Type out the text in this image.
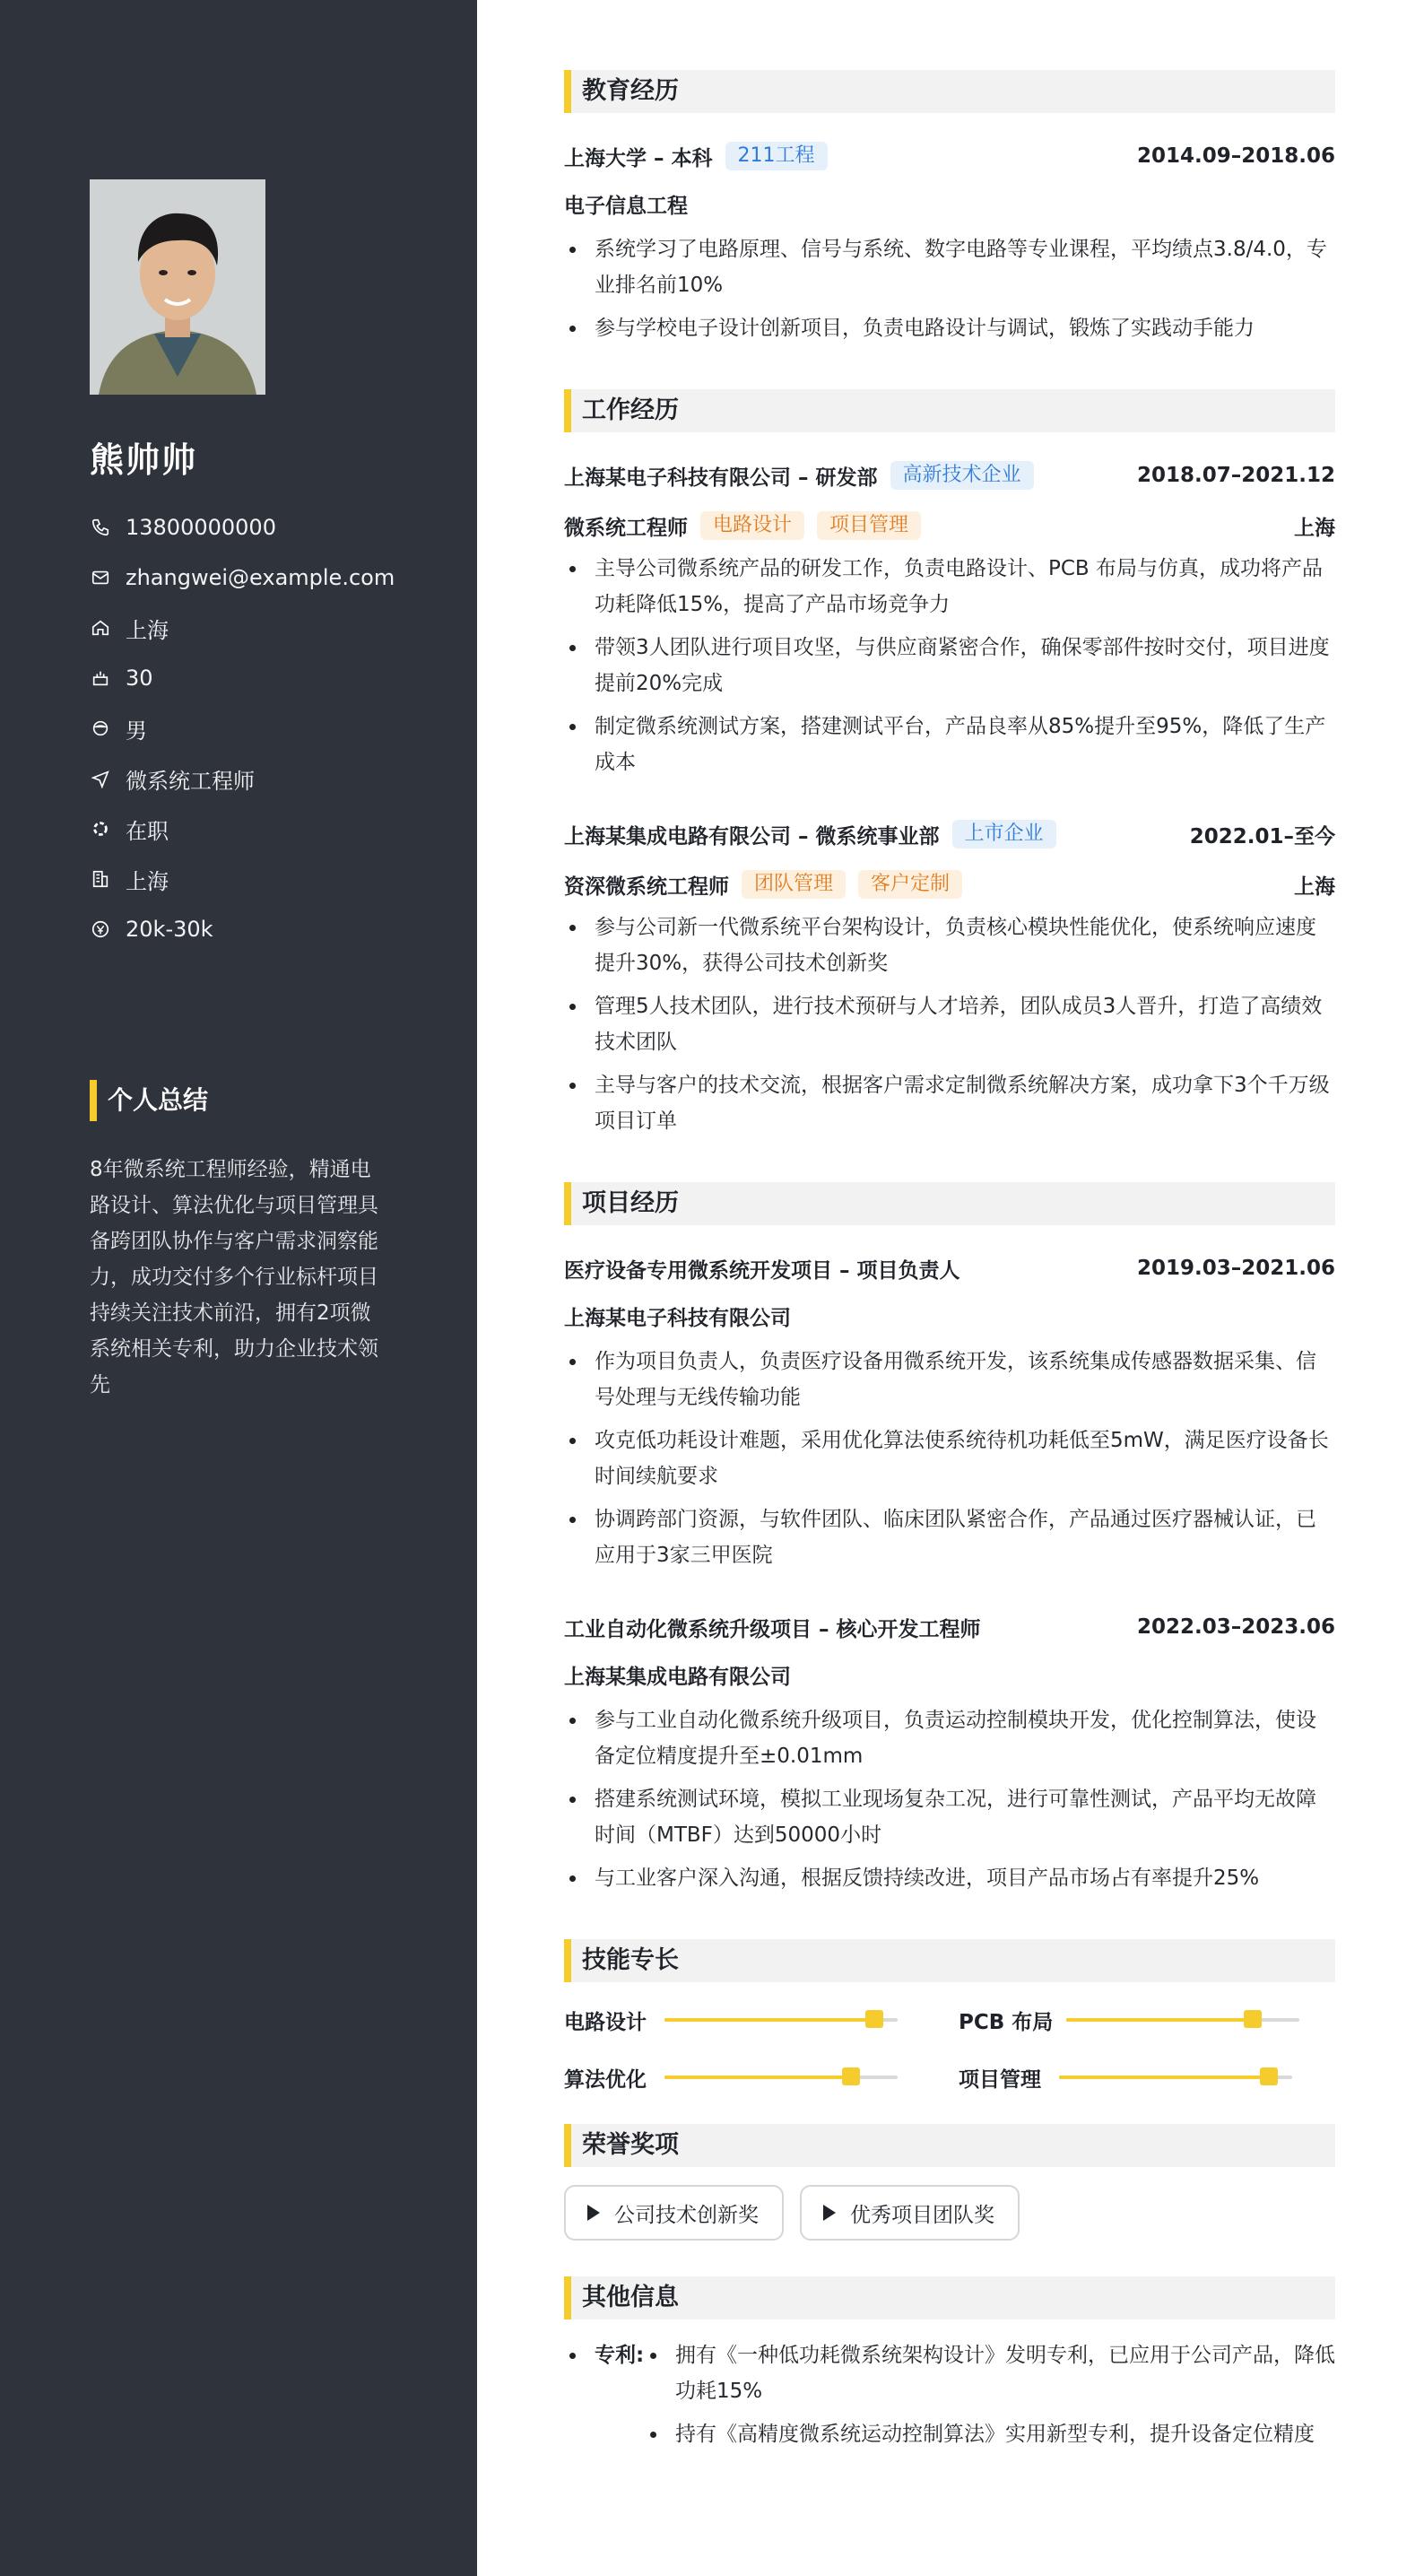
熊帅帅
13800000000
zhangwei@example.com
上海
30
男
微系统工程师
在职
上海
20k-30k
个人总结

8年微系统工程师经验，精通电路设计、算法优化与项目管理具备跨团队协作与客户需求洞察能力，成功交付多个行业标杆项目 持续关注技术前沿，拥有2项微系统相关专利，助力企业技术领先

教育经历
上海大学 – 本科	211工程	2014.09–2018.06
电子信息工程
系统学习了电路原理、信号与系统、数字电路等专业课程，平均绩点3.8/4.0，专业排名前10%
参与学校电子设计创新项目，负责电路设计与调试，锻炼了实践动手能力
工作经历
上海某电子科技有限公司 – 研发部	高新技术企业	2018.07–2021.12
微系统工程师	电路设计	项目管理	上海
主导公司微系统产品的研发工作，负责电路设计、PCB 布局与仿真，成功将产品功耗降低15%，提高了产品市场竞争力
带领3人团队进行项目攻坚，与供应商紧密合作，确保零部件按时交付，项目进度提前20%完成
制定微系统测试方案，搭建测试平台，产品良率从85%提升至95%，降低了生产成本
上海某集成电路有限公司 – 微系统事业部	上市企业	2022.01–至今
资深微系统工程师	团队管理	客户定制	上海
参与公司新一代微系统平台架构设计，负责核心模块性能优化，使系统响应速度提升30%，获得公司技术创新奖
管理5人技术团队，进行技术预研与人才培养，团队成员3人晋升，打造了高绩效技术团队
主导与客户的技术交流，根据客户需求定制微系统解决方案，成功拿下3个千万级项目订单
项目经历
医疗设备专用微系统开发项目 – 项目负责人	2019.03–2021.06
上海某电子科技有限公司
作为项目负责人，负责医疗设备用微系统开发，该系统集成传感器数据采集、信号处理与无线传输功能
攻克低功耗设计难题，采用优化算法使系统待机功耗低至5mW，满足医疗设备长时间续航要求
协调跨部门资源，与软件团队、临床团队紧密合作，产品通过医疗器械认证，已应用于3家三甲医院
工业自动化微系统升级项目 – 核心开发工程师	2022.03–2023.06
上海某集成电路有限公司
参与工业自动化微系统升级项目，负责运动控制模块开发，优化控制算法，使设备定位精度提升至±0.01mm
搭建系统测试环境，模拟工业现场复杂工况，进行可靠性测试，产品平均无故障时间（MTBF）达到50000小时
与工业客户深入沟通，根据反馈持续改进，项目产品市场占有率提升25%
技能专长
电路设计	PCB 布局
算法优化	项目管理
荣誉奖项
公司技术创新奖	优秀项目团队奖
其他信息
专利:	拥有《一种低功耗微系统架构设计》发明专利，已应用于公司产品，降低功耗15%
持有《高精度微系统运动控制算法》实用新型专利，提升设备定位精度
